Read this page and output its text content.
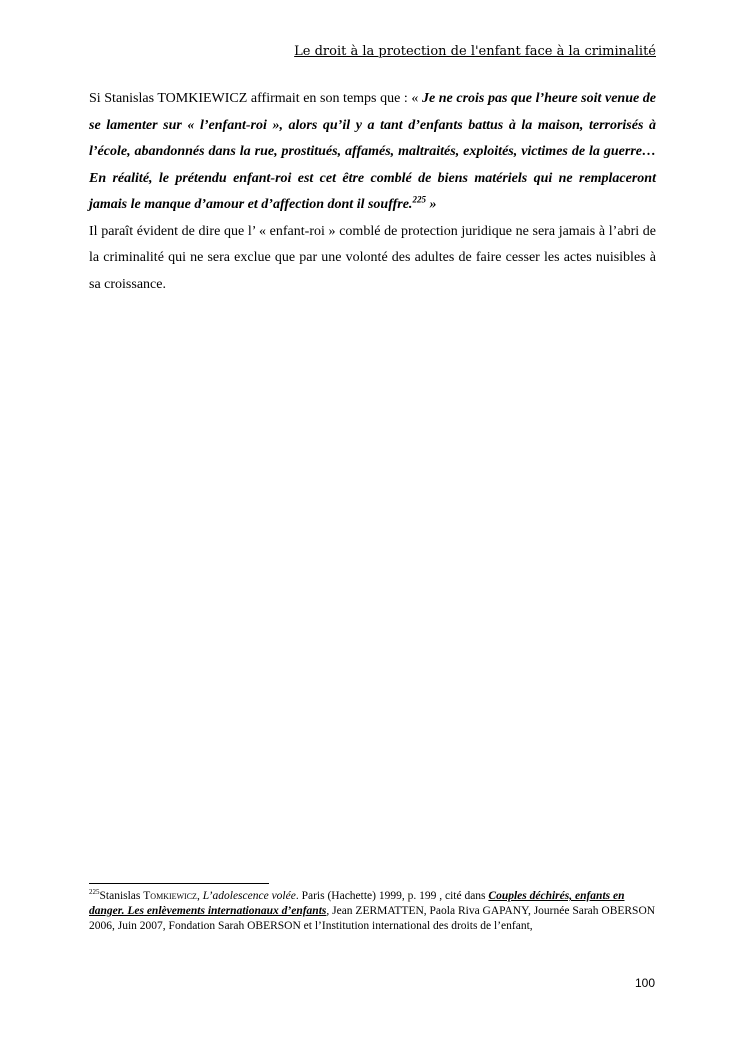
Le droit à la protection de l'enfant face à la criminalité

Si Stanislas TOMKIEWICZ affirmait en son temps que : « Je ne crois pas que l’heure soit venue de se lamenter sur « l’enfant-roi », alors qu’il y a tant d’enfants battus à la maison, terrorisés à l’école, abandonnés dans la rue, prostitués, affamés, maltraités, exploités, victimes de la guerre… En réalité, le prétendu enfant-roi est cet être comblé de biens matériels qui ne remplaceront jamais le manque d’amour et d’affection dont il souffre.$^{225}$ »
Il paraît évident de dire que l’ « enfant-roi » comblé de protection juridique ne sera jamais à l’abri de la criminalité qui ne sera exclue que par une volonté des adultes de faire cesser les actes nuisibles à sa croissance.

$^{225}$Stanislas Tomkiewicz, L’adolescence volée. Paris (Hachette) 1999, p. 199 , cité dans Couples déchirés, enfants en danger. Les enlèvements internationaux d’enfants, Jean ZERMATTEN, Paola Riva GAPANY, Journée Sarah OBERSON 2006, Juin 2007, Fondation Sarah OBERSON et l’Institution international des droits de l’enfant,

100
